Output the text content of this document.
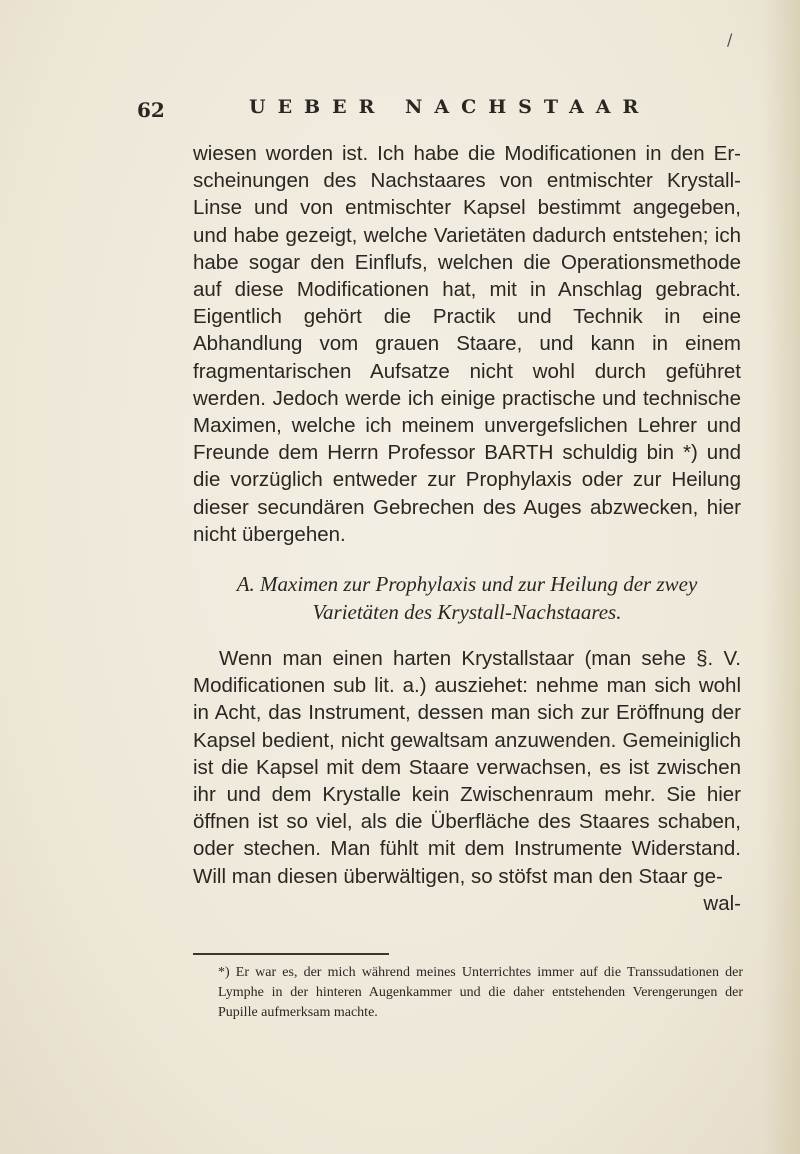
/
62	UEBER NACHSTAAR

wiesen worden ist. Ich habe die Modificationen in den Er-scheinungen des Nachstaares von entmischter Krystall-Linse und von entmischter Kapsel bestimmt angegeben, und habe gezeigt, welche Varietäten dadurch entstehen; ich habe sogar den Einflufs, welchen die Operationsmethode auf diese Modificationen hat, mit in Anschlag gebracht. Eigentlich gehört die Practik und Technik in eine Abhandlung vom grauen Staare, und kann in einem fragmentarischen Aufsatze nicht wohl durch geführet werden. Jedoch werde ich einige practische und technische Maximen, welche ich meinem unvergefslichen Lehrer und Freunde dem Herrn Professor BARTH schuldig bin *) und die vorzüglich entweder zur Prophylaxis oder zur Heilung dieser secundären Gebrechen des Auges abzwecken, hier nicht übergehen.

A. Maximen zur Prophylaxis und zur Heilung der zwey Varietäten des Krystall-Nachstaares.

Wenn man einen harten Krystallstaar (man sehe §. V. Modificationen sub lit. a.) ausziehet: nehme man sich wohl in Acht, das Instrument, dessen man sich zur Eröffnung der Kapsel bedient, nicht gewaltsam anzuwenden. Gemeiniglich ist die Kapsel mit dem Staare verwachsen, es ist zwischen ihr und dem Krystalle kein Zwischenraum mehr. Sie hier öffnen ist so viel, als die Überfläche des Staares schaben, oder stechen. Man fühlt mit dem Instrumente Widerstand. Will man diesen überwältigen, so stöfst man den Staar ge-

wal-
*) Er war es, der mich während meines Unterrichtes immer auf die Transsudationen der Lymphe in der hinteren Augenkammer und die daher entstehenden Verengerungen der Pupille aufmerksam machte.
